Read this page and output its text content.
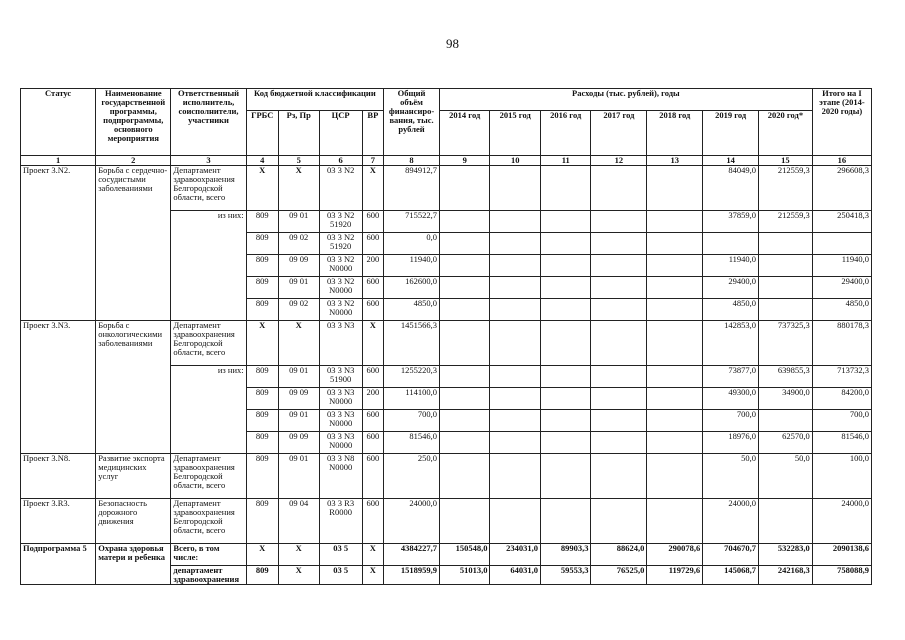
98
Статус	Наименование государственной программы, подпрограммы, основного мероприятия	Ответственный исполнитель, соисполнители, участники	Код бюджетной классификации				Общий объём финансиро-вания, тыс. рублей	Расходы (тыс. рублей), годы							Итого на I этапе (2014-2020 годы)
			ГРБС	Рз, Пр	ЦСР	ВР		2014 год	2015 год	2016 год	2017 год	2018 год	2019 год	2020 год*	
1	2	3	4	5	6	7	8	9	10	11	12	13	14	15	16
Проект 3.N2.	Борьба с сердечно-сосудистыми заболеваниями	Департамент здравоохранения Белгородской области, всего	Х	Х	03 3 N2	Х	894912,7						84049,0	212559,3	296608,3
		из них:	809	09 01	03 3 N2 51920	600	715522,7						37859,0	212559,3	250418,3
			809	09 02	03 3 N2 51920	600	0,0								
			809	09 09	03 3 N2 N0000	200	11940,0						11940,0		11940,0
			809	09 01	03 3 N2 N0000	600	162600,0						29400,0		29400,0
			809	09 02	03 3 N2 N0000	600	4850,0						4850,0		4850,0
Проект 3.N3.	Борьба с онкологическими заболеваниями	Департамент здравоохранения Белгородской области, всего	Х	Х	03 3 N3	Х	1451566,3						142853,0	737325,3	880178,3
		из них:	809	09 01	03 3 N3 51900	600	1255220,3						73877,0	639855,3	713732,3
			809	09 09	03 3 N3 N0000	200	114100,0						49300,0	34900,0	84200,0
			809	09 01	03 3 N3 N0000	600	700,0						700,0		700,0
			809	09 09	03 3 N3 N0000	600	81546,0						18976,0	62570,0	81546,0
Проект 3.N8.	Развитие экспорта медицинских услуг	Департамент здравоохранения Белгородской области, всего	809	09 01	03 3 N8 N0000	600	250,0						50,0	50,0	100,0
Проект 3.R3.	Безопасность дорожного движения	Департамент здравоохранения Белгородской области, всего	809	09 04	03 3 R3 R0000	600	24000,0						24000,0		24000,0
Подпрограмма 5	Охрана здоровья матери и ребенка	Всего, в том числе:	Х	Х	03 5	Х	4384227,7	150548,0	234031,0	89903,3	88624,0	290078,6	704670,7	532283,0	2090138,6
		департамент здравоохранения	809	Х	03 5	Х	1518959,9	51013,0	64031,0	59553,3	76525,0	119729,6	145068,7	242168,3	758088,9
